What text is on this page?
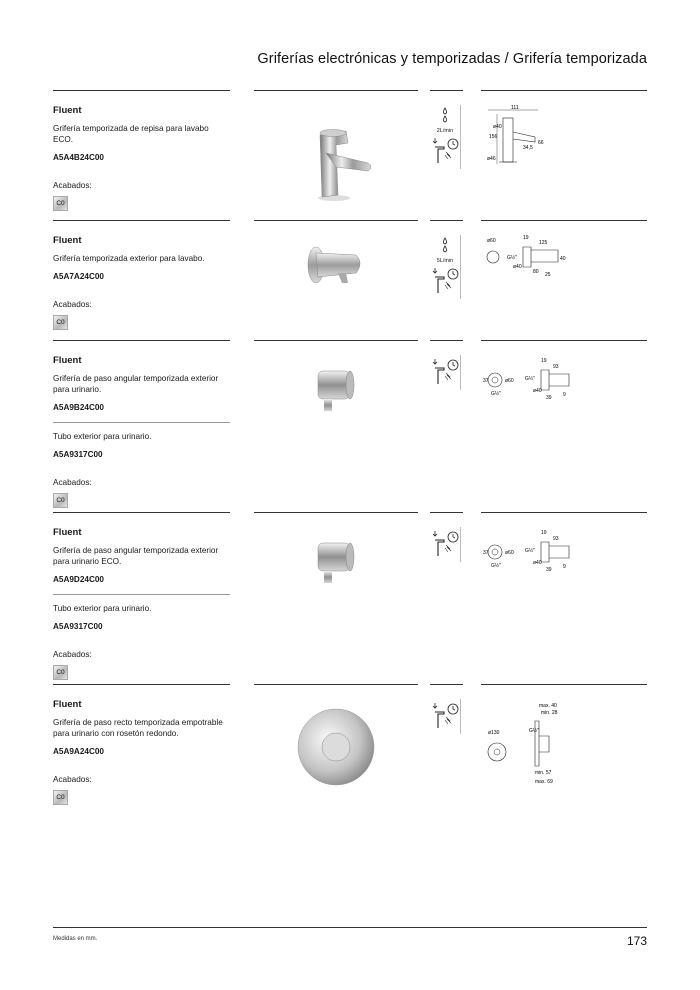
Griferías electrónicas y temporizadas / Grifería temporizada
Fluent
Grifería temporizada de repisa para lavabo ECO.
A5A4B24C00
Acabados:
C0
2L/min
111
156
ø40
66
34,5
ø46
Fluent
Grifería temporizada exterior para lavabo.
A5A7A24C00
Acabados:
C0
5L/min
ø60	19
125
G½"	40
ø40
80 25
Fluent
Grifería de paso angular temporizada exterior para urinario.
A5A9B24C00
Tubo exterior para urinario.
A5A9317C00
Acabados:
C0
37	ø60
G½"
19
93
G½"
ø40
39 9
Fluent
Grifería de paso angular temporizada exterior para urinario ECO.
A5A9D24C00
Tubo exterior para urinario.
A5A9317C00
Acabados:
C0
37	ø60
G½"
19
93
G½"
ø40
39 9
Fluent
Grifería de paso recto temporizada empotrable para urinario con rosetón redondo.
A5A9A24C00
Acabados:
C0
ø130
max. 40
min. 28
G½"
min. 57
max. 69
Medidas en mm.	173
